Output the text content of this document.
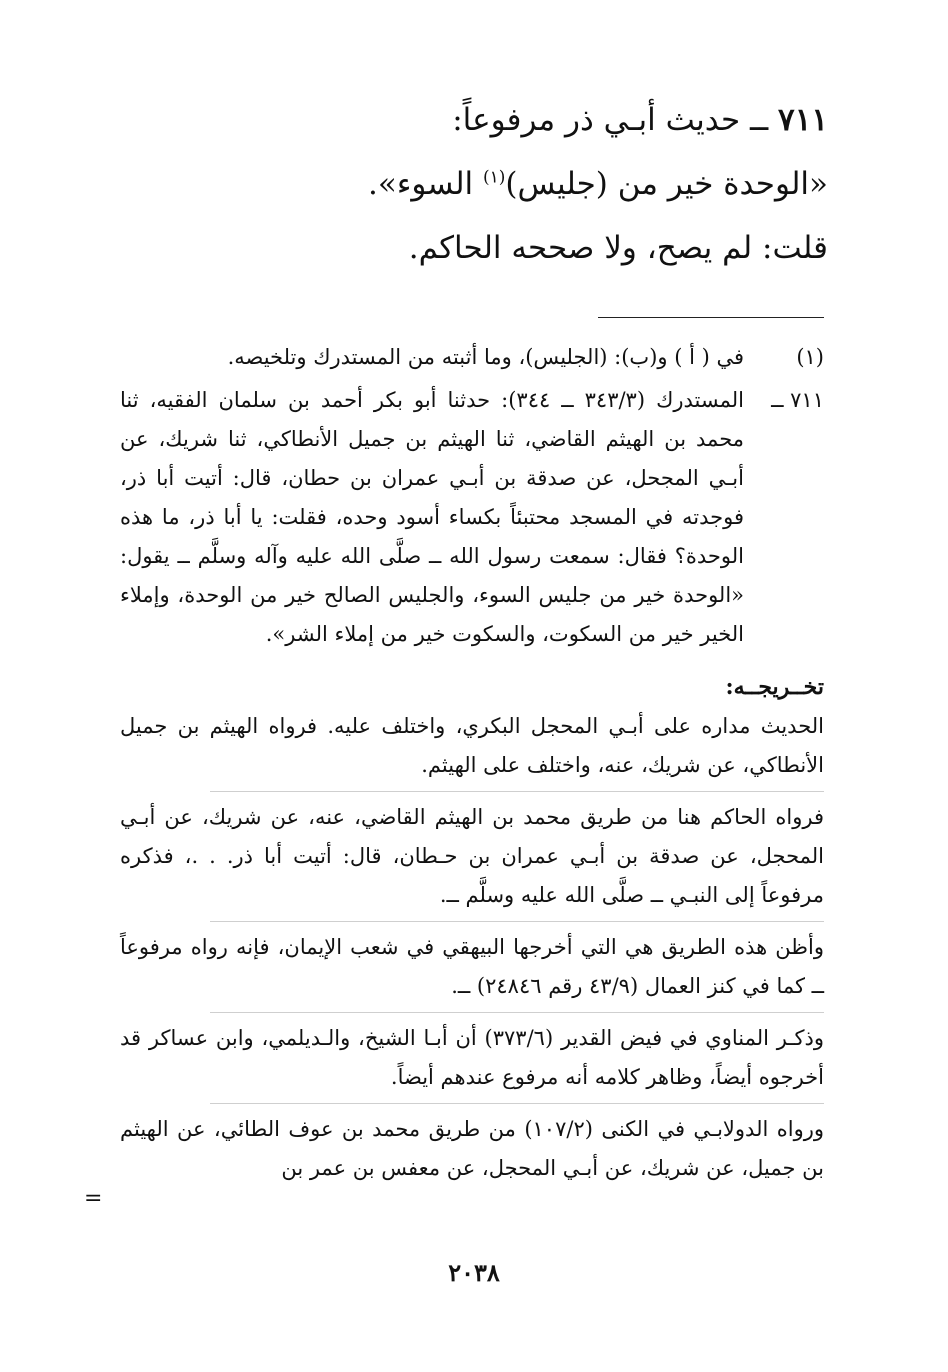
٧١١ ــ حديث أبـي ذر مرفوعاً:

«الوحدة خير من (جليس)$^{(١)}$ السوء».

قلت: لم يصح، ولا صححه الحاكم.

(١)
في ( أ ) و(ب): (الجليس)، وما أثبته من المستدرك وتلخيصه.
٧١١ ــ
المستدرك (٣٤٣/٣ ــ ٣٤٤): حدثنا أبو بكر أحمد بن سلمان الفقيه، ثنا محمد بن الهيثم القاضي، ثنا الهيثم بن جميل الأنطاكي، ثنا شريك، عن أبـي المجحل، عن صدقة بن أبـي عمران بن حطان، قال: أتيت أبا ذر، فوجدته في المسجد محتبئاً بكساء أسود وحده، فقلت: يا أبا ذر، ما هذه الوحدة؟ فقال: سمعت رسول الله ــ صلَّى الله عليه وآله وسلَّم ــ يقول: «الوحدة خير من جليس السوء، والجليس الصالح خير من الوحدة، وإملاء الخير خير من السكوت، والسكوت خير من إملاء الشر».
تخــريجــه:

الحديث مداره على أبـي المحجل البكري، واختلف عليه. فرواه الهيثم بن جميل الأنطاكي، عن شريك، عنه، واختلف على الهيثم.

فرواه الحاكم هنا من طريق محمد بن الهيثم القاضي، عنه، عن شريك، عن أبـي المحجل، عن صدقة بن أبـي عمران بن حـطان، قال: أتيت أبا ذر. . .، فذكره مرفوعاً إلى النبـي ــ صلَّى الله عليه وسلَّم ــ.

وأظن هذه الطريق هي التي أخرجها البيهقي في شعب الإيمان، فإنه رواه مرفوعاً ــ كما في كنز العمال (٤٣/٩ رقم ٢٤٨٤٦) ــ.

وذكـر المناوي في فيض القدير (٣٧٣/٦) أن أبـا الشيخ، والـديلمي، وابن عساكر قد أخرجوه أيضاً، وظاهر كلامه أنه مرفوع عندهم أيضاً.

ورواه الدولابـي في الكنى (١٠٧/٢) من طريق محمد بن عوف الطائي، عن الهيثم بن جميل، عن شريك، عن أبـي المحجل، عن معفس بن عمر بن

=
٢٠٣٨
